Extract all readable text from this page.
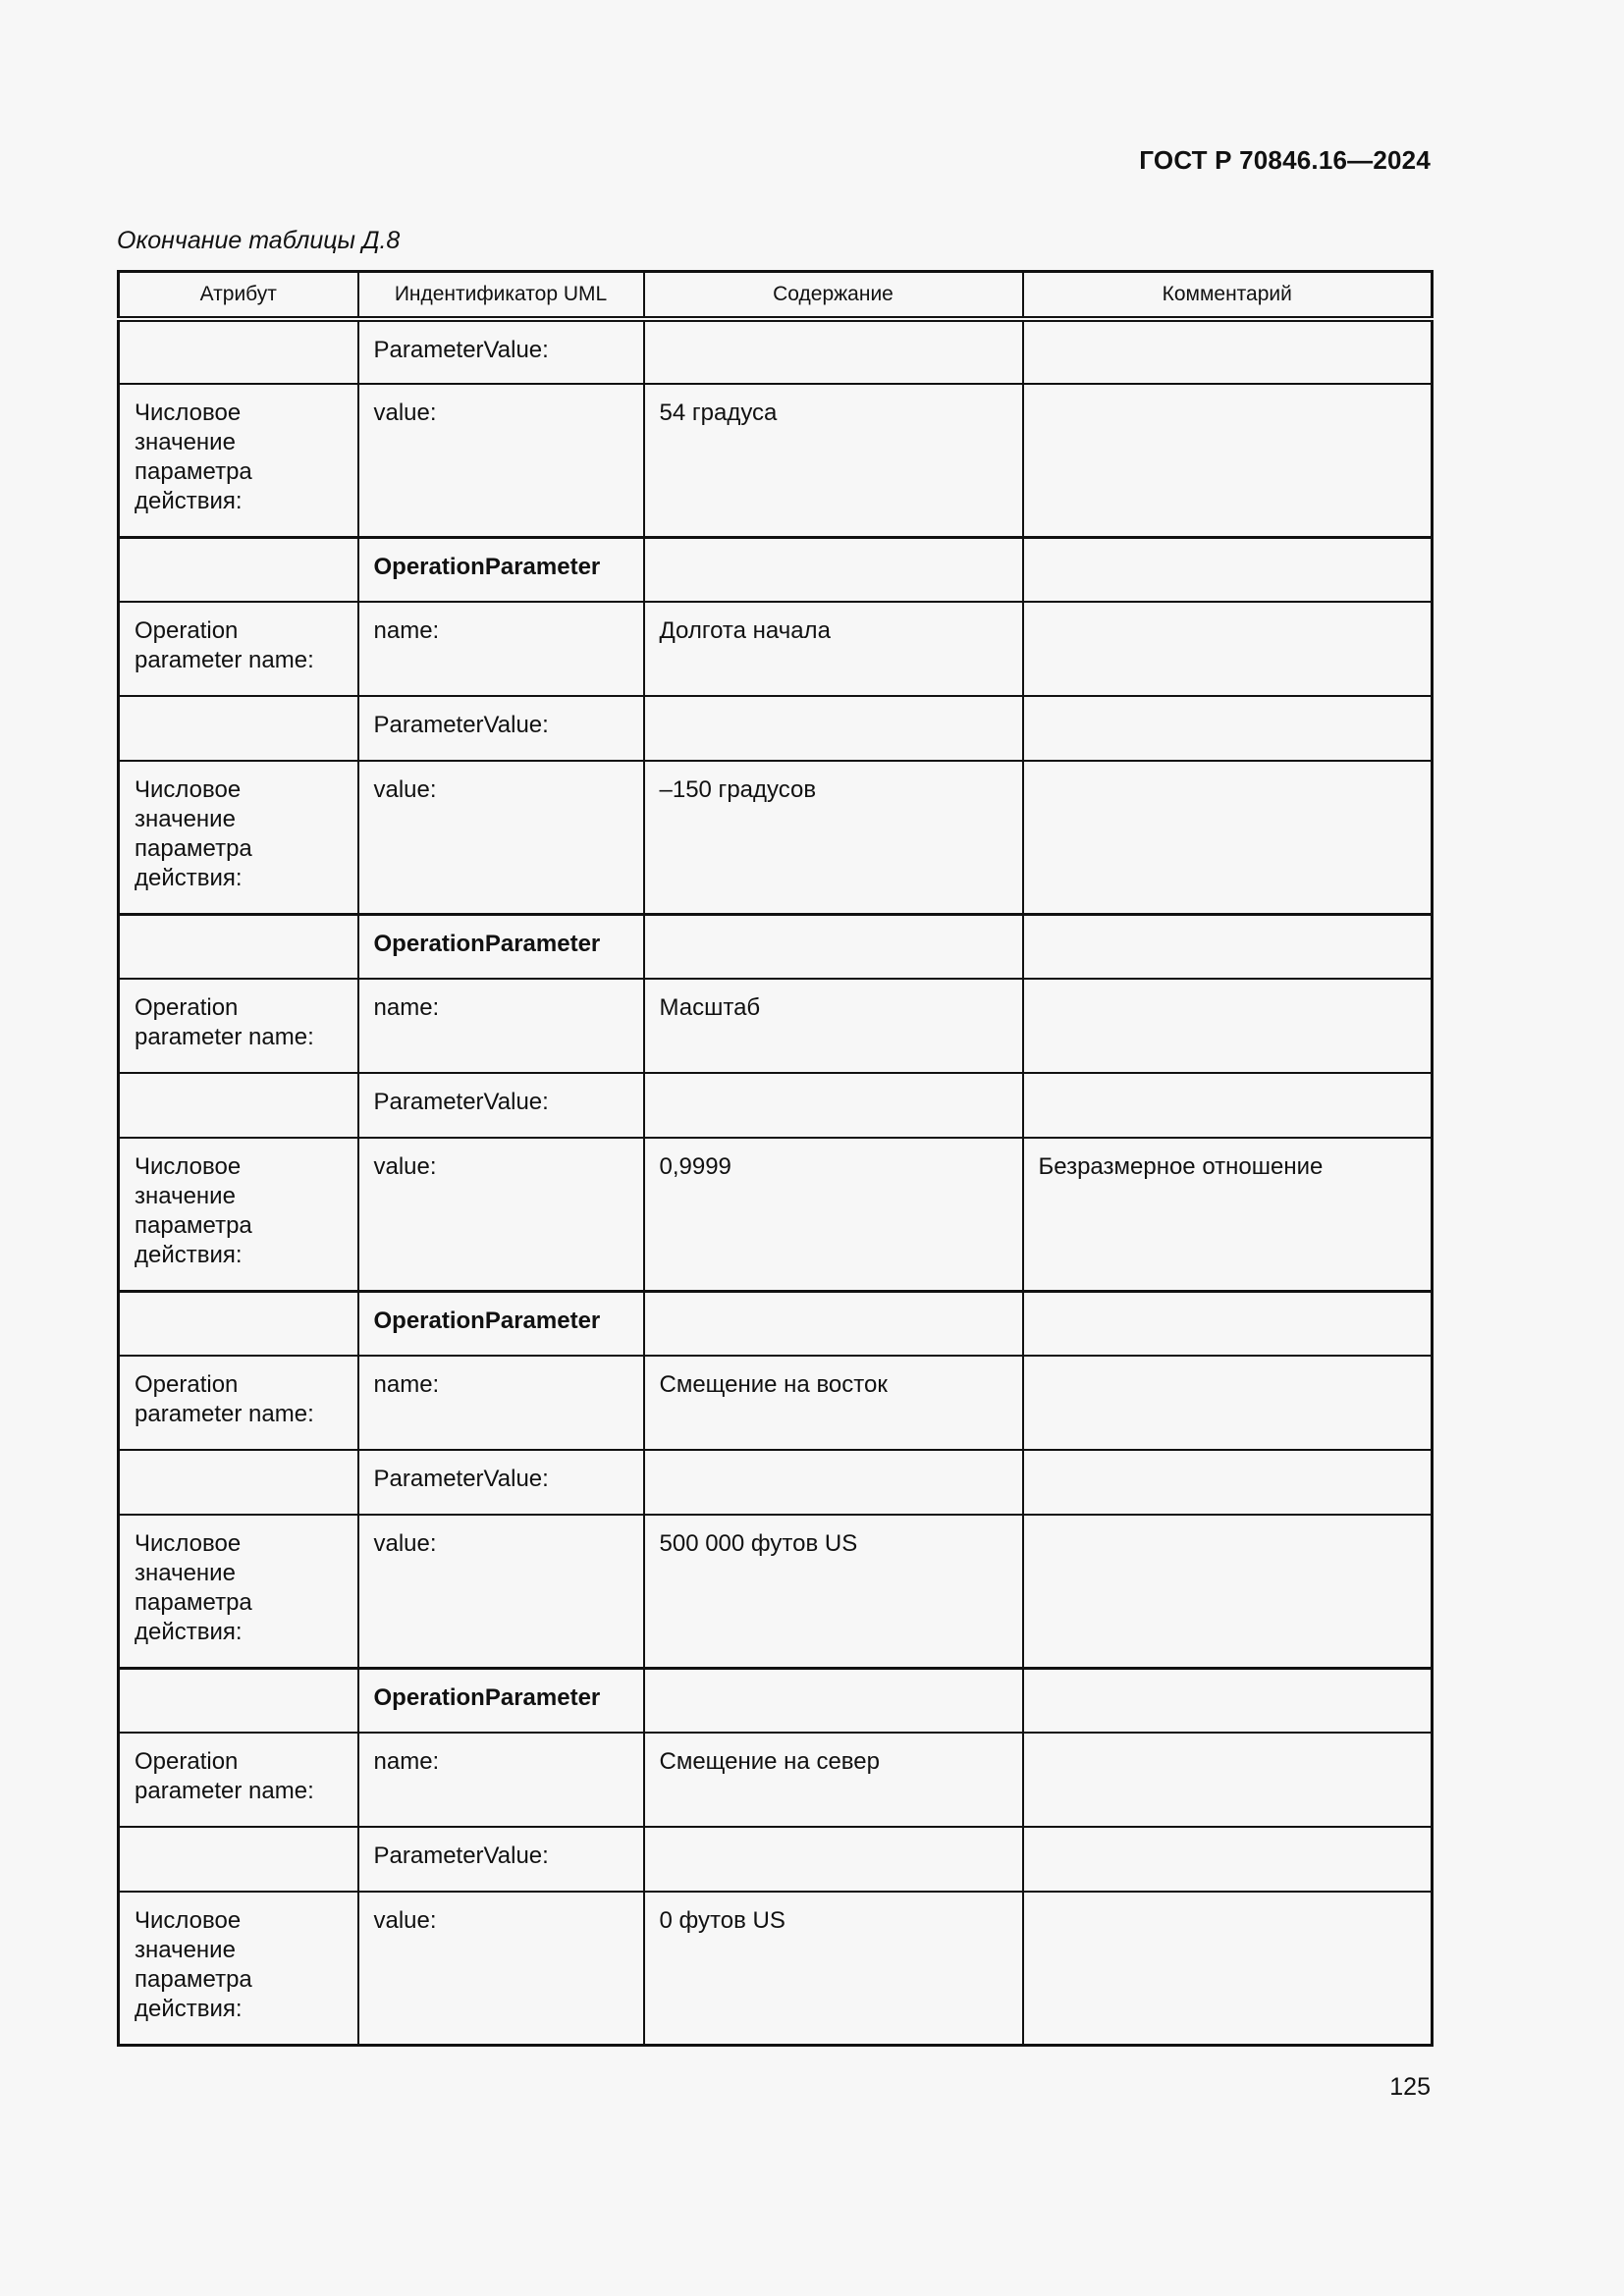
ГОСТ Р 70846.16—2024
Окончание таблицы Д.8
Атрибут	Индентификатор UML	Содержание	Комментарий
	ParameterValue:		
Числовое значение параметра действия:	value:	54 градуса	
	OperationParameter		
Operation parameter name:	name:	Долгота начала	
	ParameterValue:		
Числовое значение параметра действия:	value:	–150 градусов	
	OperationParameter		
Operation parameter name:	name:	Масштаб	
	ParameterValue:		
Числовое значение параметра действия:	value:	0,9999	Безразмерное отношение
	OperationParameter		
Operation parameter name:	name:	Смещение на восток	
	ParameterValue:		
Числовое значение параметра действия:	value:	500 000 футов US	
	OperationParameter		
Operation parameter name:	name:	Смещение на север	
	ParameterValue:		
Числовое значение параметра действия:	value:	0 футов US	
125
